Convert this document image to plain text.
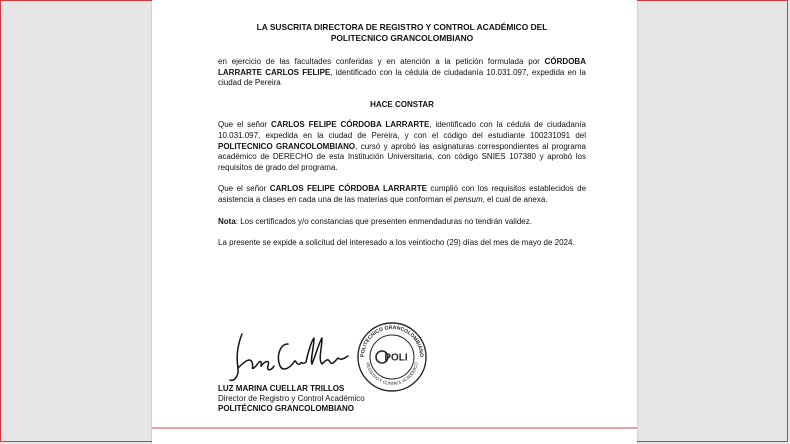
LA SUSCRITA DIRECTORA DE REGISTRO Y CONTROL ACADÉMICO DEL
POLITECNICO GRANCOLOMBIANO

en ejercicio de las facultades conferidas y en atención a la petición formulada por CÓRDOBA LARRARTE CARLOS FELIPE, identificado con la cédula de ciudadanía 10.031.097, expedida en la ciudad de Pereira

HACE CONSTAR

Que el señor CARLOS FELIPE CÓRDOBA LARRARTE, identificado con la cédula de ciudadanía 10.031.097, expedida en la ciudad de Pereira, y con el código del estudiante 100231091 del POLITECNICO GRANCOLOMBIANO, cursó y aprobó las asignaturas correspondientes al programa académico de DERECHO de esta Institución Universitaria, con código SNIES 107380 y aprobó los requisitos de grado del programa.

Que el señor CARLOS FELIPE CÓRDOBA LARRARTE cumplió con los requisitos establecidos de asistencia a clases en cada una de las materias que conforman el pensum, el cual de anexa.

Nota: Los certificados y/o constancias que presenten enmendaduras no tendrán validez.

La presente se expide a solicitud del interesado a los veintiocho (29) días del mes de mayo de 2024.

POLITECNICO GRANCOLOMBIANO
REGISTRO Y CONTROL ACADÉMICO
POLI
LUZ MARINA CUELLAR TRILLOS
Director de Registro y Control Académico
POLITÉCNICO GRANCOLOMBIANO
